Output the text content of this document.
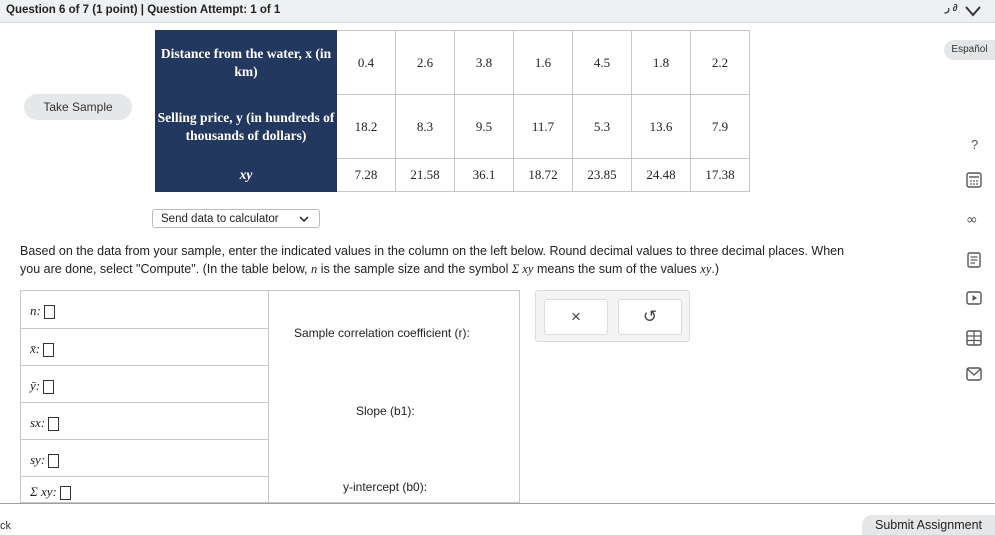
Question 6 of 7 (1 point) | Question Attempt: 1 of 1	ر ∂
Take Sample
Español
Distance from the water, x (in km)	0.4	2.6	3.8	1.6	4.5	1.8	2.2
Selling price, y (in hundreds of thousands of dollars)	18.2	8.3	9.5	11.7	5.3	13.6	7.9
xy	7.28	21.58	36.1	18.72	23.85	24.48	17.38
Send data to calculator
Based on the data from your sample, enter the indicated values in the column on the left below. Round decimal values to three decimal places. When
you are done, select "Compute". (In the table below, n is the sample size and the symbol Σ xy means the sum of the values xy.)
n:
x̄:
ȳ:
sx:
sy:
Σ xy:
Sample correlation coefficient (r):
Slope (b1):
y-intercept (b0):
×	↺
?
∞
ck	Submit Assignment
